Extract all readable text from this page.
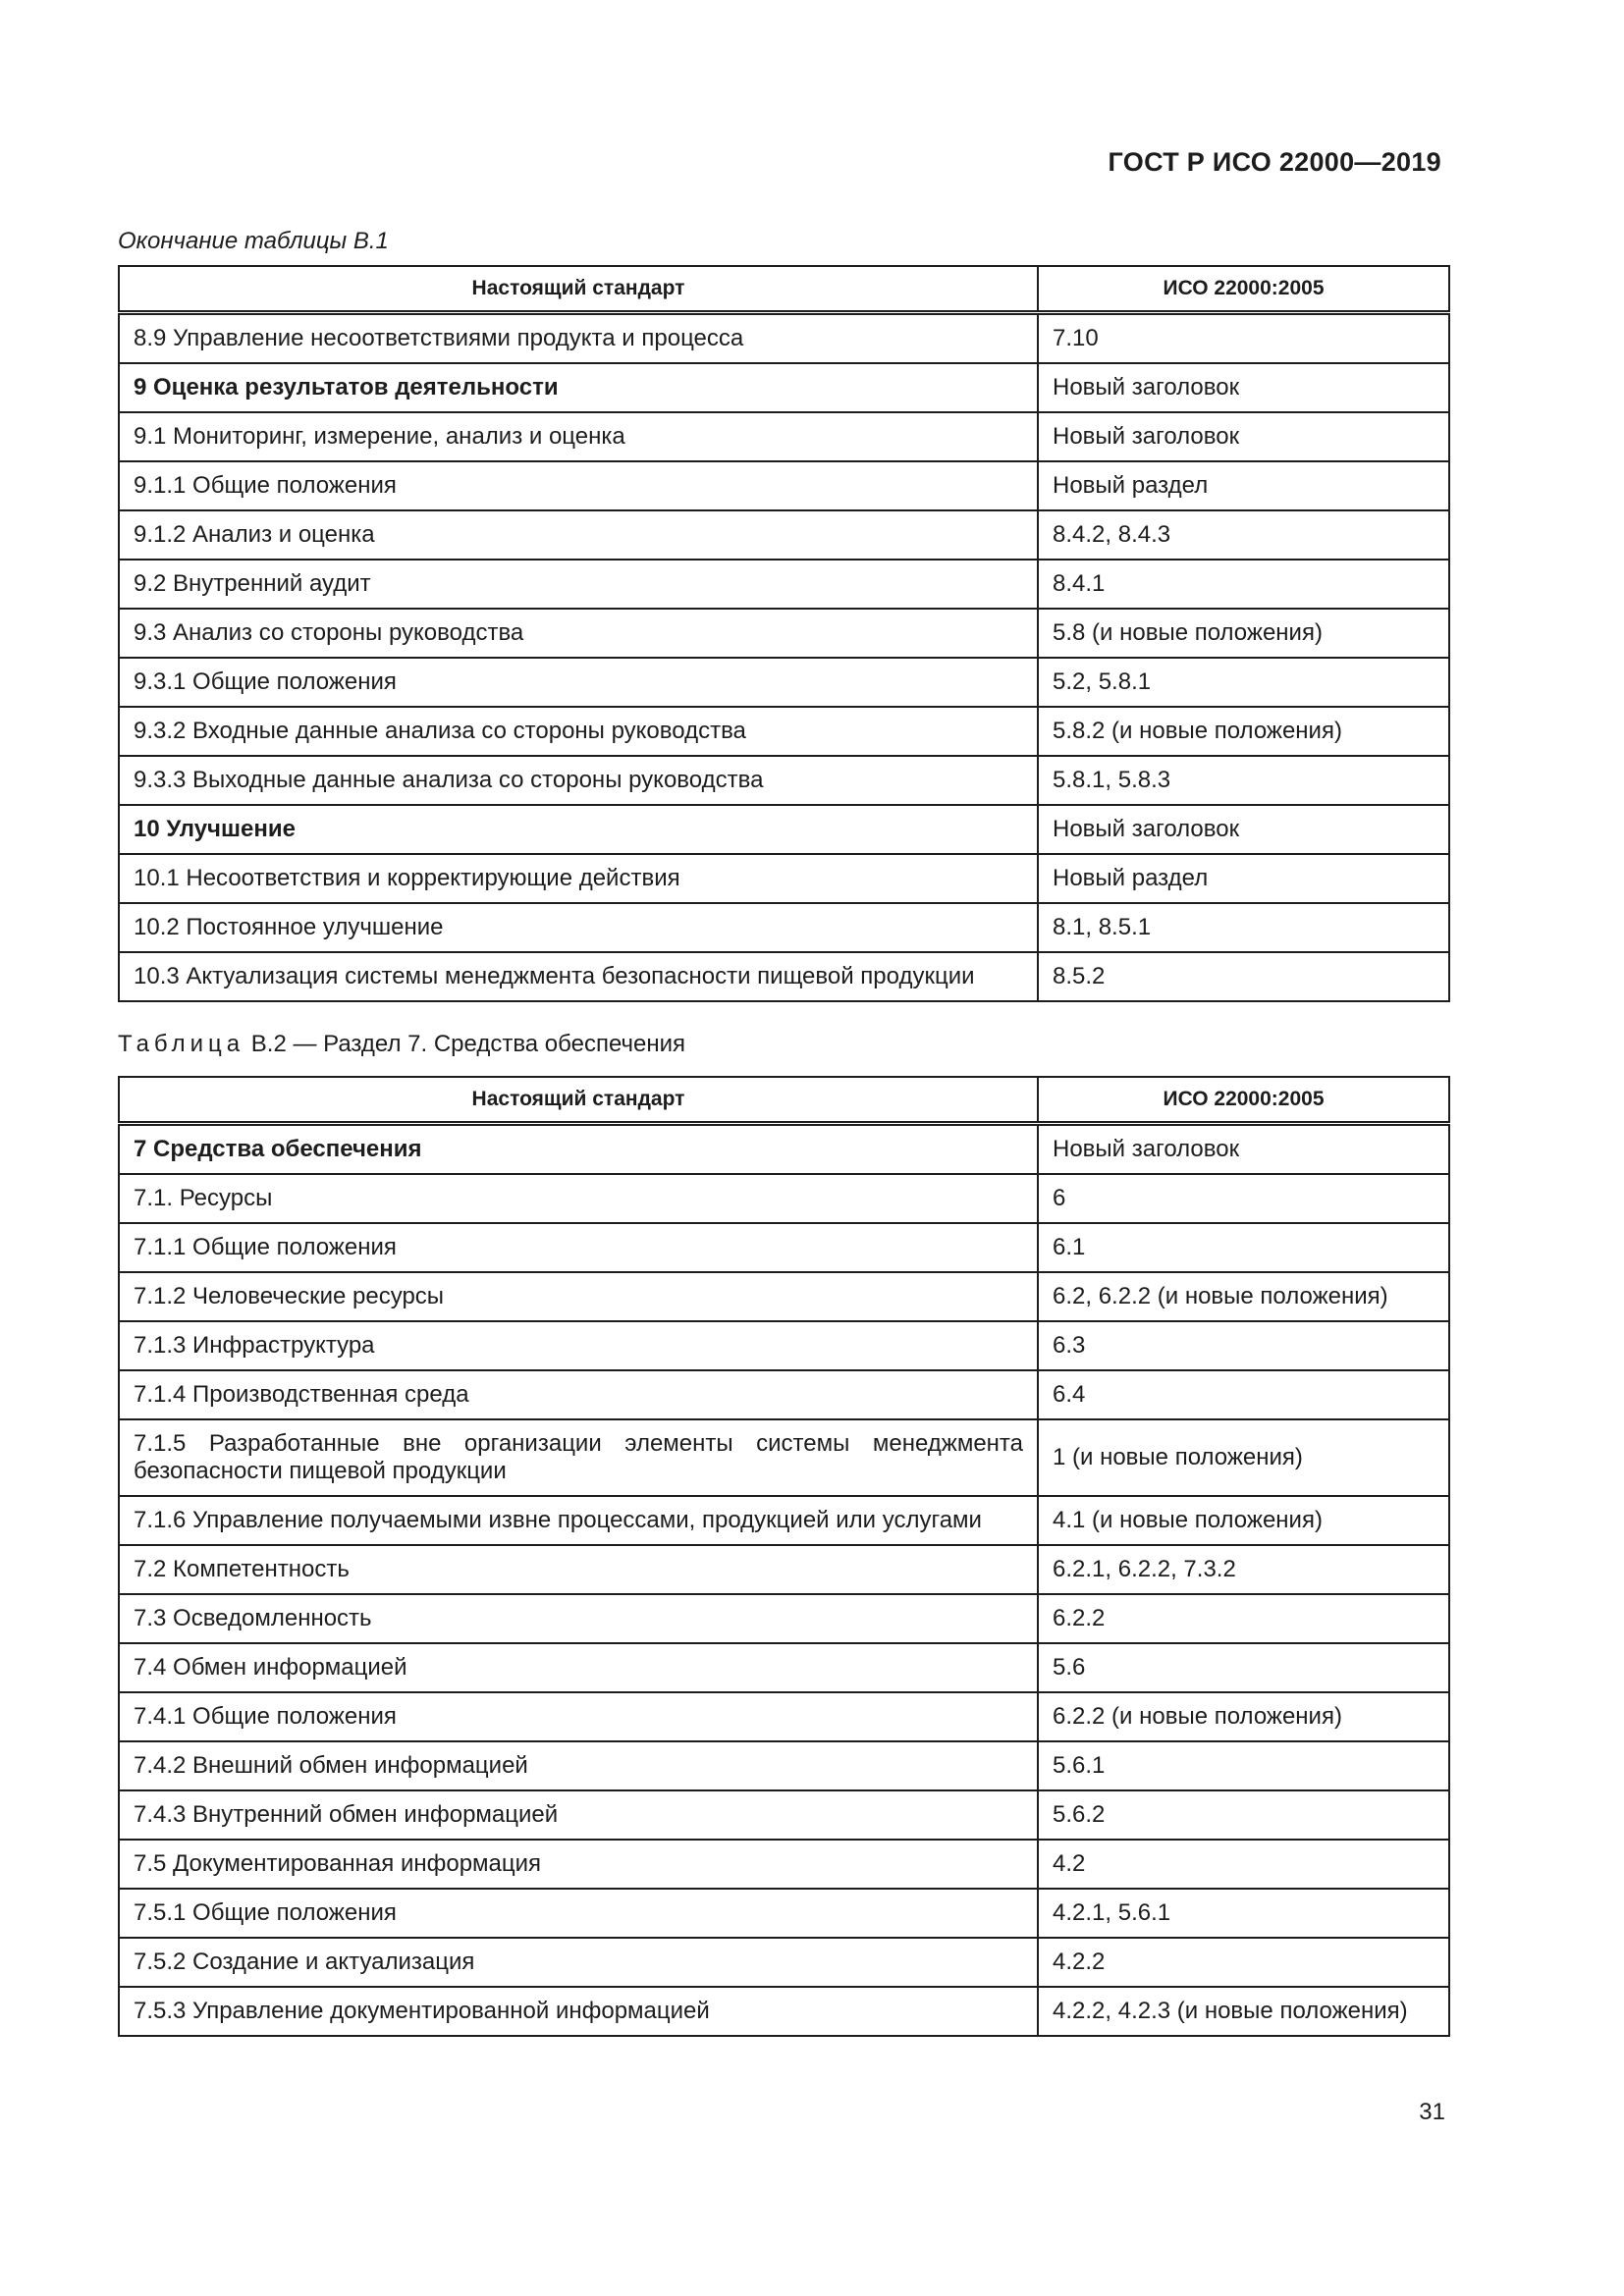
ГОСТ Р ИСО 22000—2019
Окончание таблицы В.1
Настоящий стандарт	ИСО 22000:2005
8.9 Управление несоответствиями продукта и процесса	7.10
9 Оценка результатов деятельности	Новый заголовок
9.1 Мониторинг, измерение, анализ и оценка	Новый заголовок
9.1.1 Общие положения	Новый раздел
9.1.2 Анализ и оценка	8.4.2, 8.4.3
9.2 Внутренний аудит	8.4.1
9.3 Анализ со стороны руководства	5.8 (и новые положения)
9.3.1 Общие положения	5.2, 5.8.1
9.3.2 Входные данные анализа со стороны руководства	5.8.2 (и новые положения)
9.3.3 Выходные данные анализа со стороны руководства	5.8.1, 5.8.3
10 Улучшение	Новый заголовок
10.1 Несоответствия и корректирующие действия	Новый раздел
10.2 Постоянное улучшение	8.1, 8.5.1
10.3 Актуализация системы менеджмента безопасности пищевой продукции	8.5.2
Таблица В.2 — Раздел 7. Средства обеспечения
Настоящий стандарт	ИСО 22000:2005
7 Средства обеспечения	Новый заголовок
7.1. Ресурсы	6
7.1.1 Общие положения	6.1
7.1.2 Человеческие ресурсы	6.2, 6.2.2 (и новые положения)
7.1.3 Инфраструктура	6.3
7.1.4 Производственная среда	6.4
7.1.5 Разработанные вне организации элементы системы менеджмента безопасности пищевой продукции	1 (и новые положения)
7.1.6 Управление получаемыми извне процессами, продукцией или услугами	4.1 (и новые положения)
7.2 Компетентность	6.2.1, 6.2.2, 7.3.2
7.3 Осведомленность	6.2.2
7.4 Обмен информацией	5.6
7.4.1 Общие положения	6.2.2 (и новые положения)
7.4.2 Внешний обмен информацией	5.6.1
7.4.3 Внутренний обмен информацией	5.6.2
7.5 Документированная информация	4.2
7.5.1 Общие положения	4.2.1, 5.6.1
7.5.2 Создание и актуализация	4.2.2
7.5.3 Управление документированной информацией	4.2.2, 4.2.3 (и новые положения)
31
